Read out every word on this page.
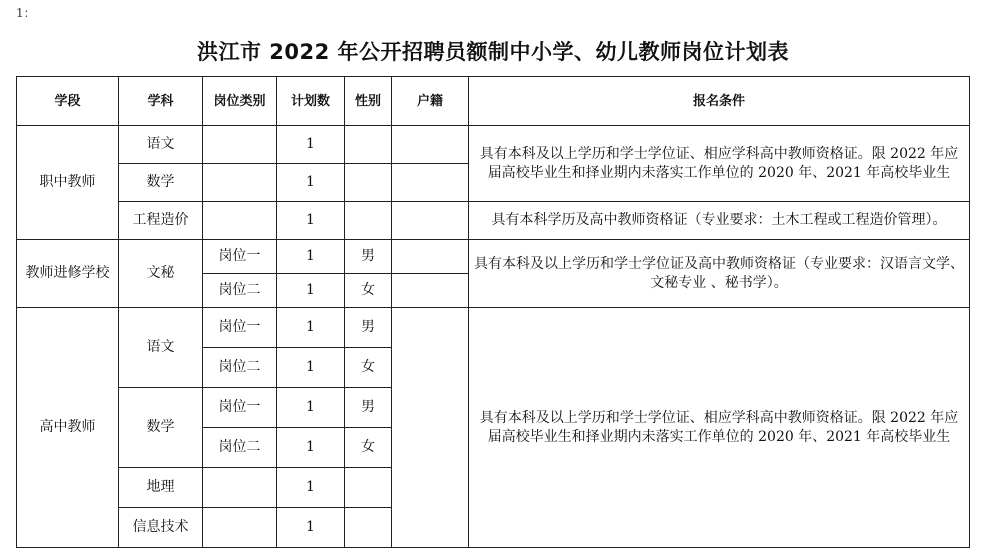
1：
洪江市 2022 年公开招聘员额制中小学、幼儿教师岗位计划表
学段	学科	岗位类别	计划数	性别	户籍	报名条件
职中教师	语文		1			具有本科及以上学历和学士学位证、相应学科高中教师资格证。限 2022 年应届高校毕业生和择业期内未落实工作单位的 2020 年、2021 年高校毕业生
	数学		1			
	工程造价		1			具有本科学历及高中教师资格证（专业要求：土木工程或工程造价管理）。
教师进修学校	文秘	岗位一	1	男		具有本科及以上学历和学士学位证及高中教师资格证（专业要求：汉语言文学、文秘专业 、秘书学）。
		岗位二	1	女		
高中教师	语文	岗位一	1	男		具有本科及以上学历和学士学位证、相应学科高中教师资格证。限 2022 年应届高校毕业生和择业期内未落实工作单位的 2020 年、2021 年高校毕业生
		岗位二	1	女		
	数学	岗位一	1	男		
		岗位二	1	女		
	地理		1			
	信息技术		1			
